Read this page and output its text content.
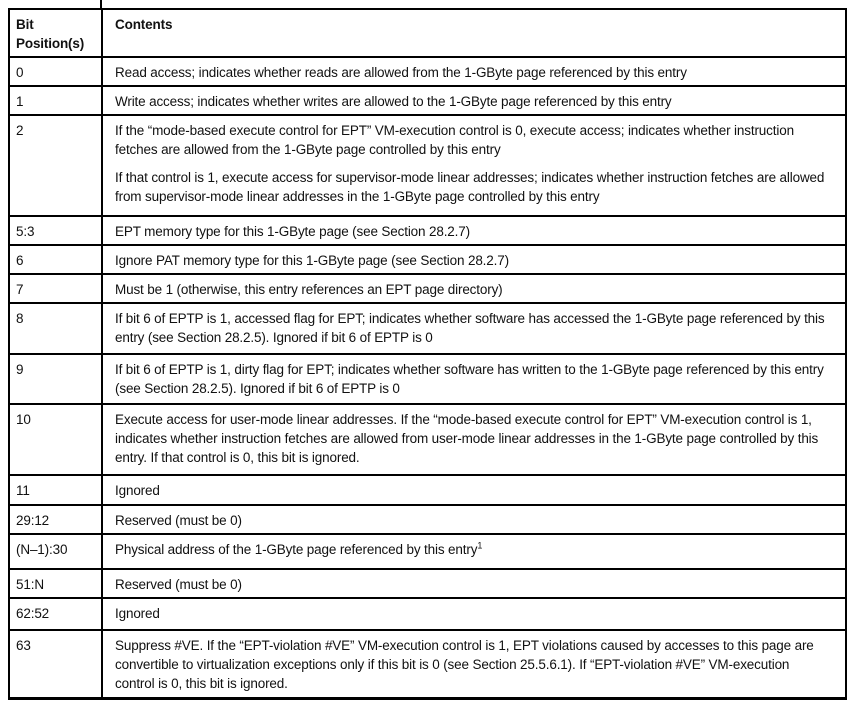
Bit Position(s)	Contents
0	Read access; indicates whether reads are allowed from the 1-GByte page referenced by this entry

1	Write access; indicates whether writes are allowed to the 1-GByte page referenced by this entry

2	If the “mode-based execute control for EPT” VM-execution control is 0, execute access; indicates whether instruction fetches are allowed from the 1-GByte page controlled by this entry

If that control is 1, execute access for supervisor-mode linear addresses; indicates whether instruction fetches are allowed from supervisor-mode linear addresses in the 1-GByte page controlled by this entry

5:3	EPT memory type for this 1-GByte page (see Section 28.2.7)

6	Ignore PAT memory type for this 1-GByte page (see Section 28.2.7)

7	Must be 1 (otherwise, this entry references an EPT page directory)

8	If bit 6 of EPTP is 1, accessed flag for EPT; indicates whether software has accessed the 1-GByte page referenced by this entry (see Section 28.2.5). Ignored if bit 6 of EPTP is 0

9	If bit 6 of EPTP is 1, dirty flag for EPT; indicates whether software has written to the 1-GByte page referenced by this entry (see Section 28.2.5). Ignored if bit 6 of EPTP is 0

10	Execute access for user-mode linear addresses. If the “mode-based execute control for EPT” VM-execution control is 1, indicates whether instruction fetches are allowed from user-mode linear addresses in the 1-GByte page controlled by this entry. If that control is 0, this bit is ignored.

11	Ignored

29:12	Reserved (must be 0)

(N–1):30	Physical address of the 1-GByte page referenced by this entry$^1$

51:N	Reserved (must be 0)

62:52	Ignored

63	Suppress #VE. If the “EPT-violation #VE” VM-execution control is 1, EPT violations caused by accesses to this page are convertible to virtualization exceptions only if this bit is 0 (see Section 25.5.6.1). If “EPT-violation #VE” VM-execution control is 0, this bit is ignored.
